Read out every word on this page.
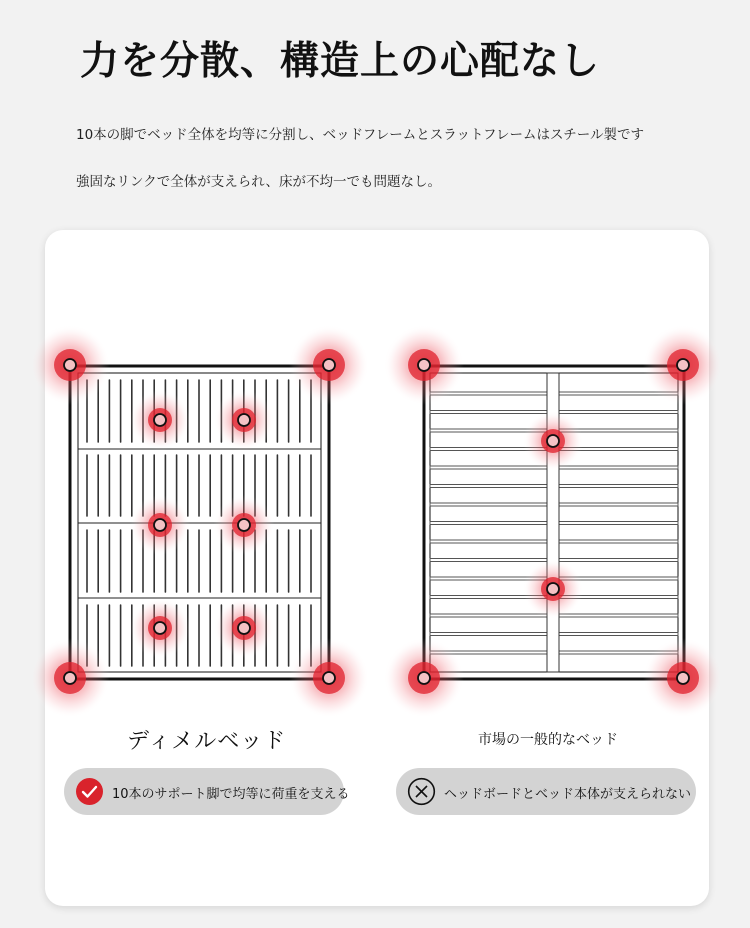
力を分散、構造上の心配なし
10本の脚でベッド全体を均等に分割し、ベッドフレームとスラットフレームはスチール製です
強固なリンクで全体が支えられ、床が不均一でも問題なし。
ディメルベッド	市場の一般的なベッド
10本のサポート脚で均等に荷重を支える	ヘッドボードとベッド本体が支えられない
